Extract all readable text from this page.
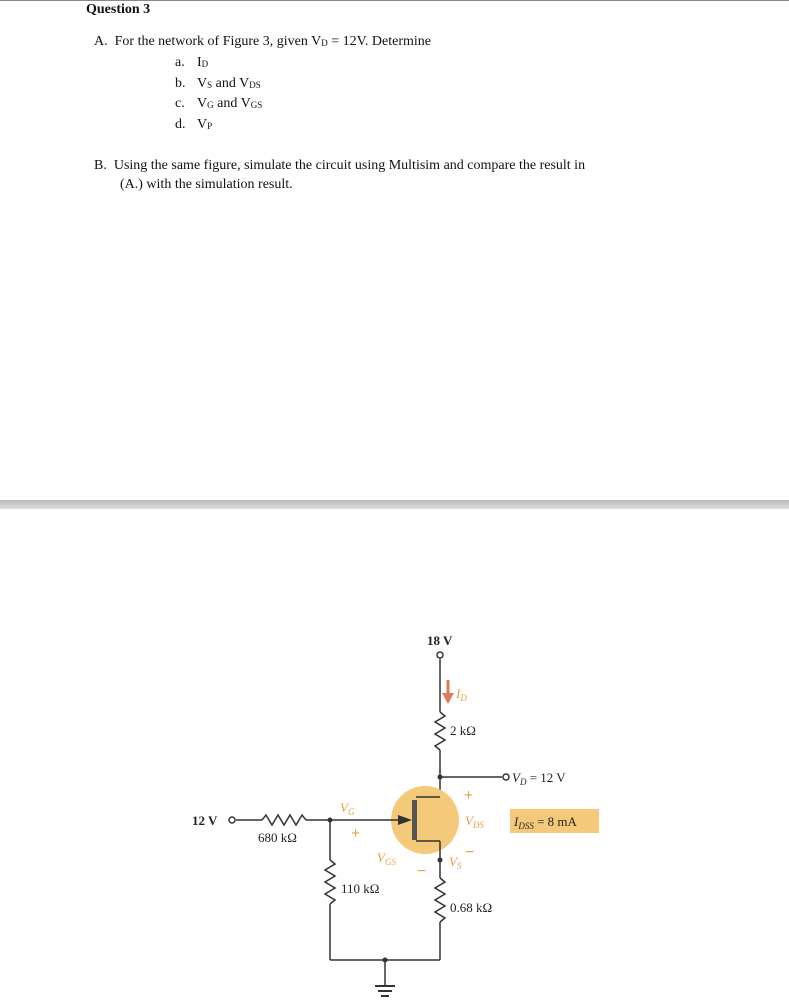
Question 3
A. For the network of Figure 3, given $V_D = 12V$. Determine
a. $I_D$
b. $V_S$ and $V_{DS}$
c. $V_G$ and $V_{GS}$
d. $V_P$
B. Using the same figure, simulate the circuit using Multisim and compare the result in
(A.) with the simulation result.
18 V
2 kΩ
$V_D = 12$ V
12 V
680 kΩ
110 kΩ
0.68 kΩ
$I_{DSS} = 8$ mA
$I_D$
$V_G$
$V_{GS}$
$V_{DS}$
$V_S$
+
+
−
−
